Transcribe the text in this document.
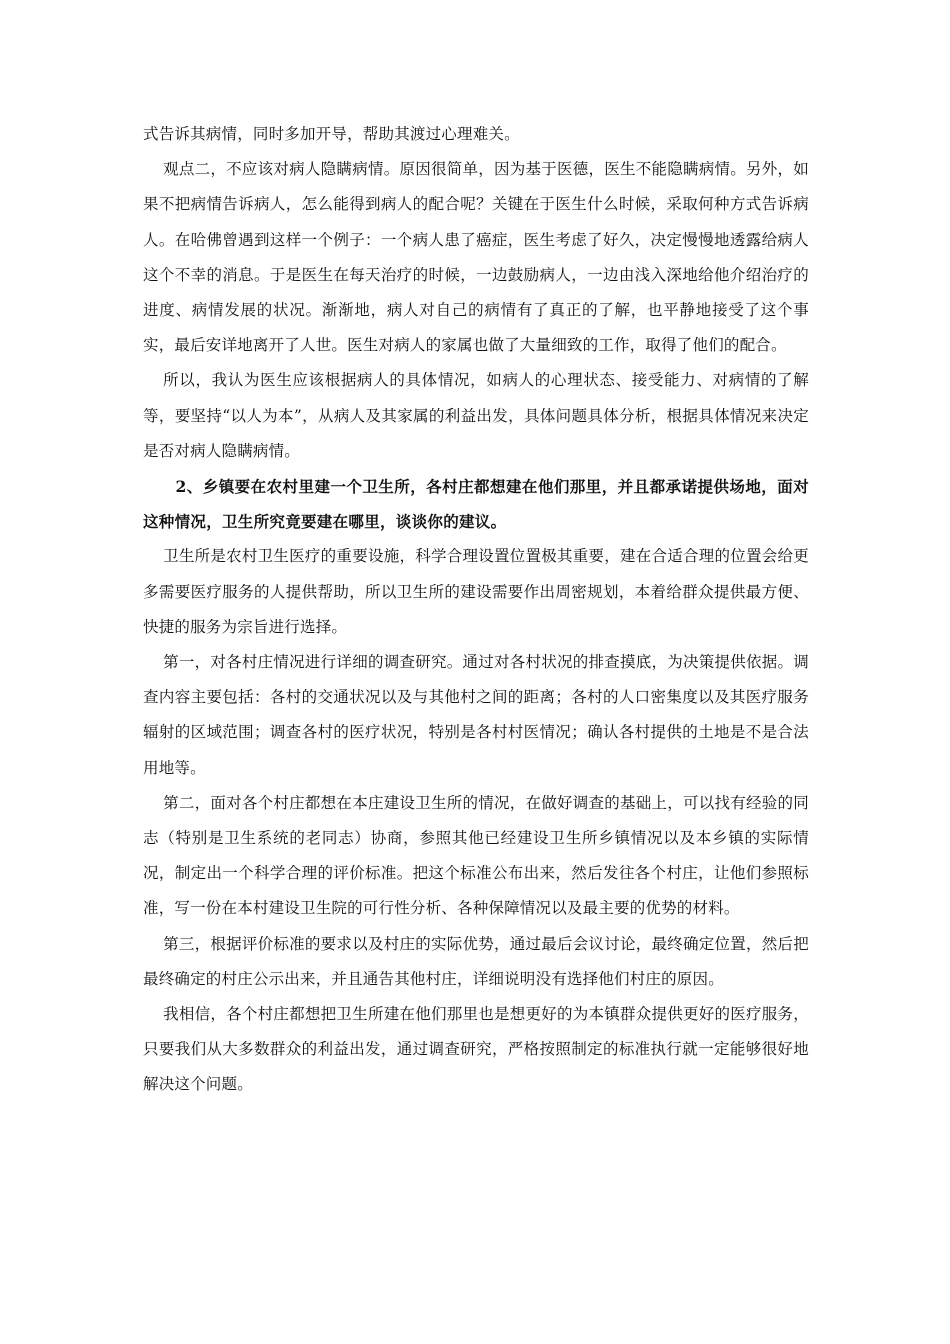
式告诉其病情，同时多加开导，帮助其渡过心理难关。

观点二，不应该对病人隐瞒病情。原因很简单，因为基于医德，医生不能隐瞒病情。另外，如果不把病情告诉病人，怎么能得到病人的配合呢？关键在于医生什么时候，采取何种方式告诉病人。在哈佛曾遇到这样一个例子：一个病人患了癌症，医生考虑了好久，决定慢慢地透露给病人这个不幸的消息。于是医生在每天治疗的时候，一边鼓励病人，一边由浅入深地给他介绍治疗的进度、病情发展的状况。渐渐地，病人对自己的病情有了真正的了解，也平静地接受了这个事实，最后安详地离开了人世。医生对病人的家属也做了大量细致的工作，取得了他们的配合。

所以，我认为医生应该根据病人的具体情况，如病人的心理状态、接受能力、对病情的了解等，要坚持“以人为本”，从病人及其家属的利益出发，具体问题具体分析，根据具体情况来决定是否对病人隐瞒病情。

2、乡镇要在农村里建一个卫生所，各村庄都想建在他们那里，并且都承诺提供场地，面对这种情况，卫生所究竟要建在哪里，谈谈你的建议。

卫生所是农村卫生医疗的重要设施，科学合理设置位置极其重要，建在合适合理的位置会给更多需要医疗服务的人提供帮助，所以卫生所的建设需要作出周密规划，本着给群众提供最方便、快捷的服务为宗旨进行选择。

第一，对各村庄情况进行详细的调查研究。通过对各村状况的排查摸底，为决策提供依据。调查内容主要包括：各村的交通状况以及与其他村之间的距离；各村的人口密集度以及其医疗服务辐射的区域范围；调查各村的医疗状况，特别是各村村医情况；确认各村提供的土地是不是合法用地等。

第二，面对各个村庄都想在本庄建设卫生所的情况，在做好调查的基础上，可以找有经验的同志（特别是卫生系统的老同志）协商，参照其他已经建设卫生所乡镇情况以及本乡镇的实际情况，制定出一个科学合理的评价标准。把这个标准公布出来，然后发往各个村庄，让他们参照标准，写一份在本村建设卫生院的可行性分析、各种保障情况以及最主要的优势的材料。

第三，根据评价标准的要求以及村庄的实际优势，通过最后会议讨论，最终确定位置，然后把最终确定的村庄公示出来，并且通告其他村庄，详细说明没有选择他们村庄的原因。

我相信，各个村庄都想把卫生所建在他们那里也是想更好的为本镇群众提供更好的医疗服务，只要我们从大多数群众的利益出发，通过调查研究，严格按照制定的标准执行就一定能够很好地解决这个问题。
